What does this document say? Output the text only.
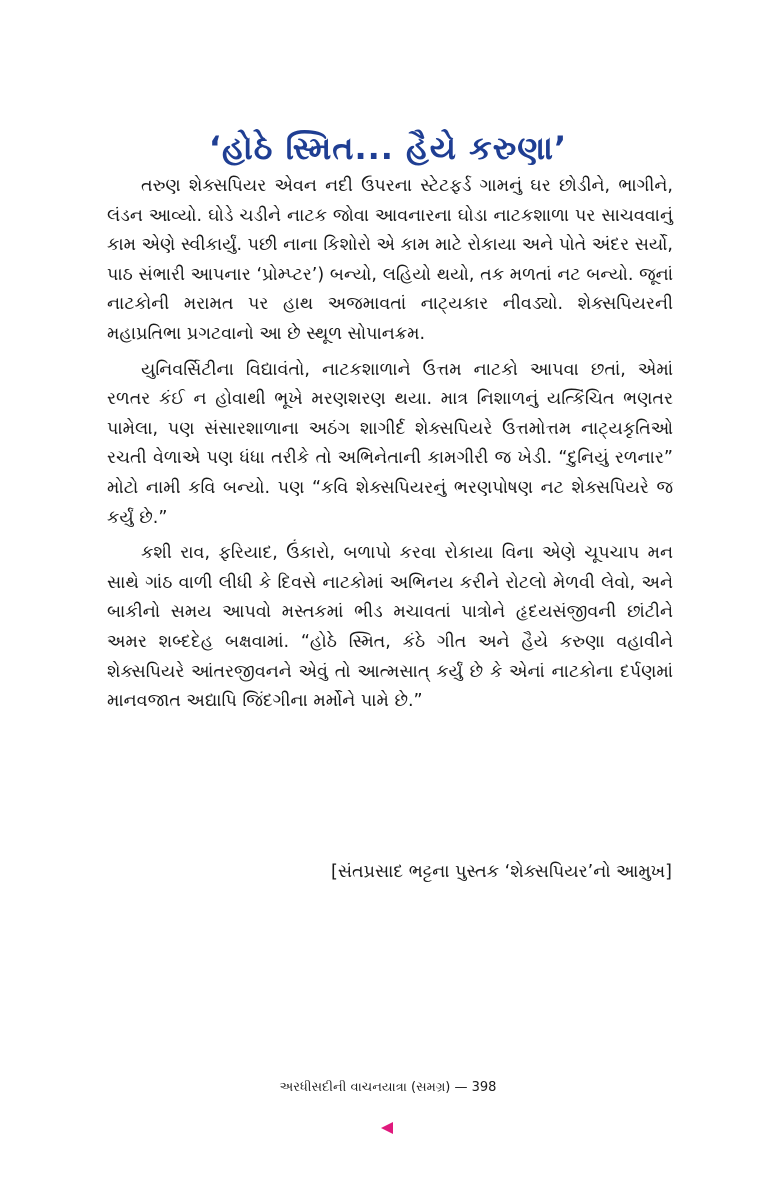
‘હોઠે સ્મિત... હૈયે કરુણા’

તરુણ શેક્સપિયર એવન નદી ઉપરના સ્ટેટફર્ડ ગામનું ઘર છોડીને, ભાગીને, લંડન આવ્યો. ઘોડે ચડીને નાટક જોવા આવનારના ઘોડા નાટકશાળા પર સાચવવાનું કામ એણે સ્વીકાર્યું. પછી નાના કિશોરો એ કામ માટે રોકાયા અને પોતે અંદર સર્યો, પાઠ સંભારી આપનાર ‘પ્રોમ્પ્ટર’) બન્યો, લહિયો થયો, તક મળતાં નટ બન્યો. જૂનાં નાટકોની મરામત પર હાથ અજમાવતાં નાટ્યકાર નીવડ્યો. શેક્સપિયરની મહાપ્રતિભા પ્રગટવાનો આ છે સ્થૂળ સોપાનક્રમ.

યુનિવર્સિટીના વિદ્યાવંતો, નાટકશાળાને ઉત્તમ નાટકો આપવા છતાં, એમાં રળતર કંઈ ન હોવાથી ભૂખે મરણશરણ થયા. માત્ર નિશાળનું યત્કિંચિત ભણતર પામેલા, પણ સંસારશાળાના અઠંગ શાગીર્દ શેક્સપિયરે ઉત્તમોત્તમ નાટ્યકૃતિઓ રચતી વેળાએ પણ ધંધા તરીકે તો અભિનેતાની કામગીરી જ ખેડી. “દુનિયું રળનાર” મોટો નામી કવિ બન્યો. પણ “કવિ શેક્સપિયરનું ભરણપોષણ નટ શેક્સપિયરે જ કર્યું છે.”

કશી રાવ, ફરિયાદ, ઉંકારો, બળાપો કરવા રોકાયા વિના એણે ચૂપચાપ મન સાથે ગાંઠ વાળી લીધી કે દિવસે નાટકોમાં અભિનય કરીને રોટલો મેળવી લેવો, અને બાકીનો સમય આપવો મસ્તકમાં ભીડ મચાવતાં પાત્રોને હૃદયસંજીવની છાંટીને અમર શબ્દદેહ બક્ષવામાં. “હોઠે સ્મિત, કંઠે ગીત અને હૈયે કરુણા વહાવીને શેક્સપિયરે આંતરજીવનને એવું તો આત્મસાત્ કર્યું છે કે એનાં નાટકોના દર્પણમાં માનવજાત અદ્યાપિ જિંદગીના મર્મોને પામે છે.”

[સંતપ્રસાદ ભટ્ટના પુસ્તક ‘શેક્સપિયર’નો આમુખ]
અરધીસદીની વાચનયાત્રા (સમગ્ર) — 398
